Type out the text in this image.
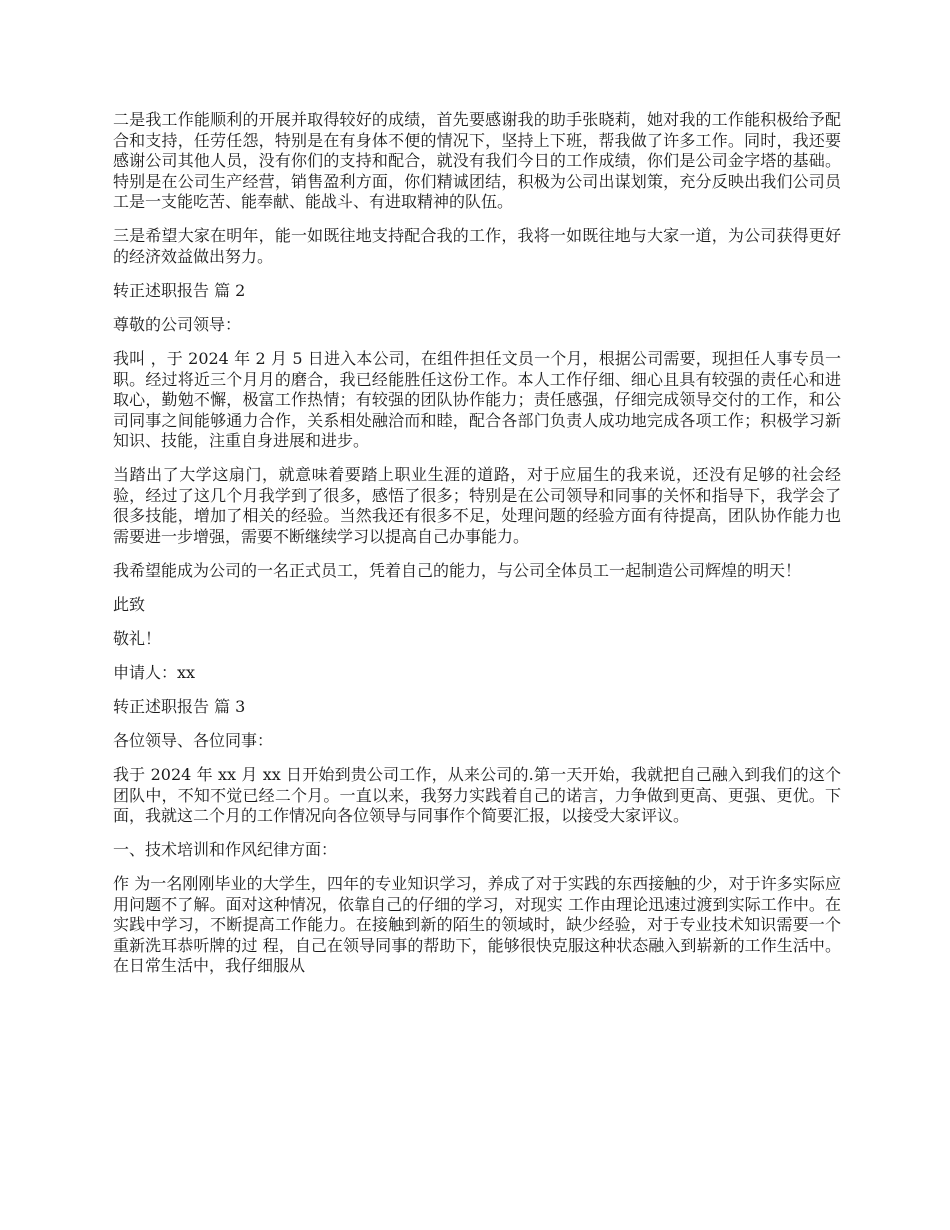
二是我工作能顺利的开展并取得较好的成绩，首先要感谢我的助手张晓莉，她对我的工作能积极给予配合和支持，任劳任怨，特别是在有身体不便的情况下，坚持上下班，帮我做了许多工作。同时，我还要感谢公司其他人员，没有你们的支持和配合，就没有我们今日的工作成绩，你们是公司金字塔的基础。特别是在公司生产经营，销售盈利方面，你们精诚团结，积极为公司出谋划策，充分反映出我们公司员工是一支能吃苦、能奉献、能战斗、有进取精神的队伍。

三是希望大家在明年，能一如既往地支持配合我的工作，我将一如既往地与大家一道，为公司获得更好的经济效益做出努力。

转正述职报告 篇 2

尊敬的公司领导：

我叫 ，于 2024 年 2 月 5 日进入本公司，在组件担任文员一个月，根据公司需要，现担任人事专员一职。经过将近三个月月的磨合，我已经能胜任这份工作。本人工作仔细、细心且具有较强的责任心和进取心，勤勉不懈，极富工作热情；有较强的团队协作能力；责任感强，仔细完成领导交付的工作，和公司同事之间能够通力合作，关系相处融洽而和睦，配合各部门负责人成功地完成各项工作；积极学习新知识、技能，注重自身进展和进步。

当踏出了大学这扇门，就意味着要踏上职业生涯的道路，对于应届生的我来说，还没有足够的社会经验，经过了这几个月我学到了很多，感悟了很多；特别是在公司领导和同事的关怀和指导下，我学会了很多技能，增加了相关的经验。当然我还有很多不足，处理问题的经验方面有待提高，团队协作能力也需要进一步增强，需要不断继续学习以提高自己办事能力。

我希望能成为公司的一名正式员工，凭着自己的能力，与公司全体员工一起制造公司辉煌的明天！

此致

敬礼！

申请人：xx

转正述职报告 篇 3

各位领导、各位同事：

我于 2024 年 xx 月 xx 日开始到贵公司工作，从来公司的.第一天开始，我就把自己融入到我们的这个团队中，不知不觉已经二个月。一直以来，我努力实践着自己的诺言，力争做到更高、更强、更优。下面，我就这二个月的工作情况向各位领导与同事作个简要汇报，以接受大家评议。

一、技术培训和作风纪律方面：

作 为一名刚刚毕业的大学生，四年的专业知识学习，养成了对于实践的东西接触的少，对于许多实际应用问题不了解。面对这种情况，依靠自己的仔细的学习，对现实 工作由理论迅速过渡到实际工作中。在实践中学习，不断提高工作能力。在接触到新的陌生的领域时，缺少经验，对于专业技术知识需要一个重新洗耳恭听牌的过 程，自己在领导同事的帮助下，能够很快克服这种状态融入到崭新的工作生活中。在日常生活中，我仔细服从
